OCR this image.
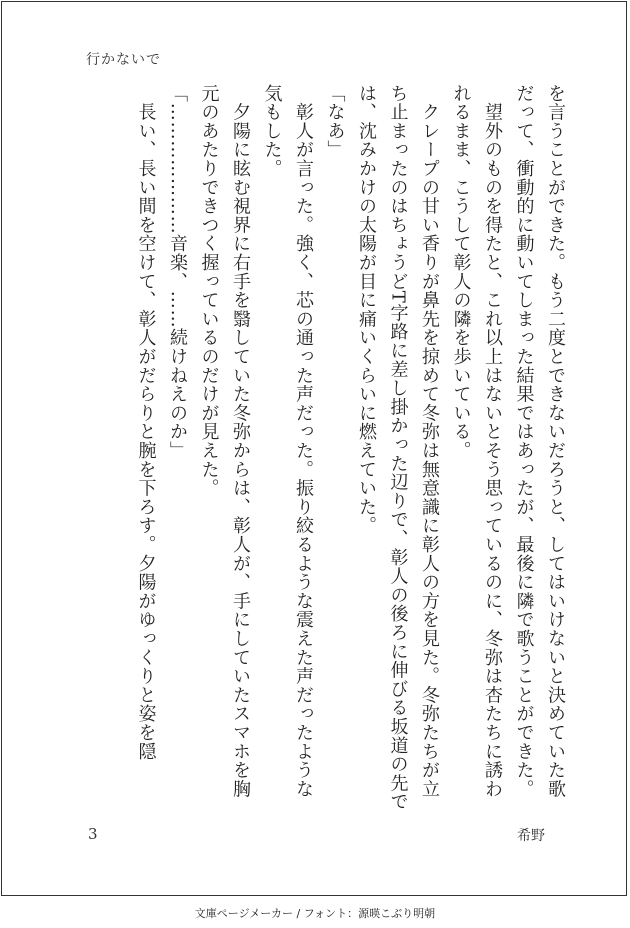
行かないで

を言うことができた。もう二度とできないだろうと、してはいけないと決めていた歌だって、衝動的に動いてしまった結果ではあったが、最後に隣で歌うことができた。

　望外のものを得たと、これ以上はないとそう思っているのに、冬弥は杏たちに誘われるまま、こうして彰人の隣を歩いている。

　クレープの甘い香りが鼻先を掠めて冬弥は無意識に彰人の方を見た。冬弥たちが立ち止まったのはちょうどT字路に差し掛かった辺りで、彰人の後ろに伸びる坂道の先では、沈みかけの太陽が目に痛いくらいに燃えていた。

「なあ」

　彰人が言った。強く、芯の通った声だった。振り絞るような震えた声だったような気もした。

　夕陽に眩む視界に右手を翳していた冬弥からは、彰人が、手にしていたスマホを胸元のあたりできつく握っているのだけが見えた。

「…………………音楽、……続けねえのか」

　長い、長い間を空けて、彰人がだらりと腕を下ろす。夕陽がゆっくりと姿を隠

3	希野
文庫ページメーカー / フォント：源暎こぶり明朝
